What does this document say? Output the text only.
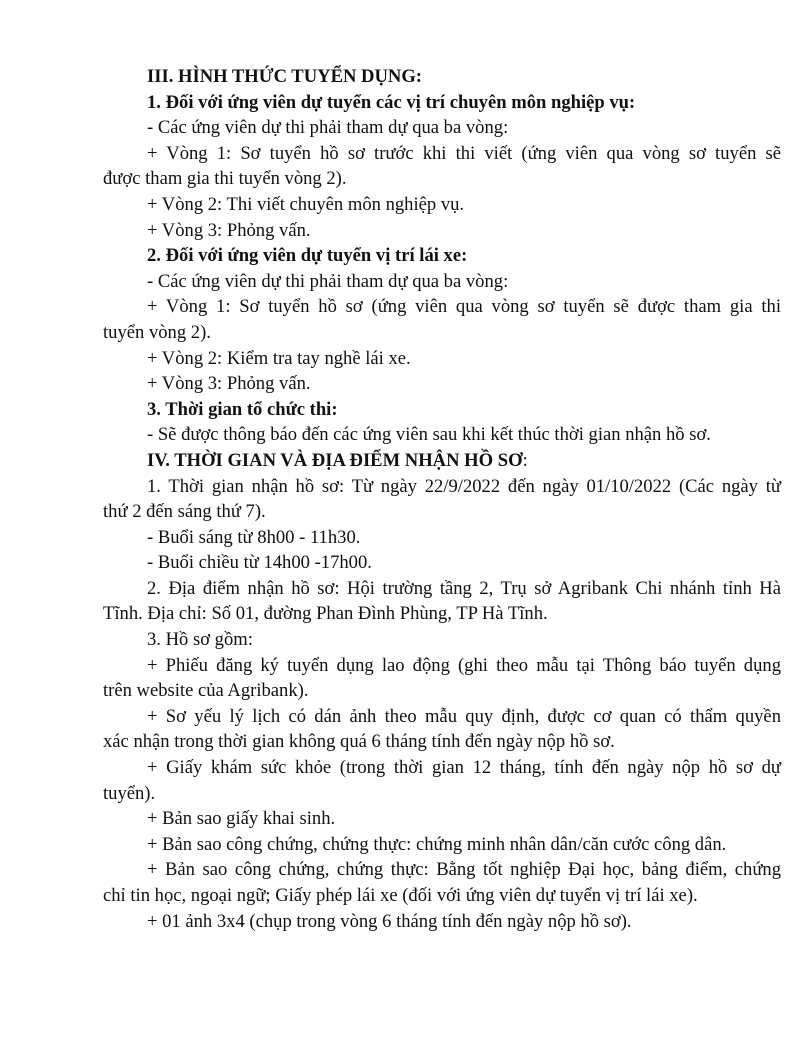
III. HÌNH THỨC TUYỂN DỤNG:

1. Đối với ứng viên dự tuyển các vị trí chuyên môn nghiệp vụ:

- Các ứng viên dự thi phải tham dự qua ba vòng:

+ Vòng 1: Sơ tuyển hồ sơ trước khi thi viết (ứng viên qua vòng sơ tuyển sẽ
được tham gia thi tuyển vòng 2).

+ Vòng 2: Thi viết chuyên môn nghiệp vụ.

+ Vòng 3: Phỏng vấn.

2. Đối với ứng viên dự tuyển vị trí lái xe:

- Các ứng viên dự thi phải tham dự qua ba vòng:

+ Vòng 1: Sơ tuyển hồ sơ (ứng viên qua vòng sơ tuyển sẽ được tham gia thi
tuyển vòng 2).

+ Vòng 2: Kiểm tra tay nghề lái xe.

+ Vòng 3: Phỏng vấn.

3. Thời gian tổ chức thi:

- Sẽ được thông báo đến các ứng viên sau khi kết thúc thời gian nhận hồ sơ.

IV. THỜI GIAN VÀ ĐỊA ĐIỂM NHẬN HỒ SƠ:

1. Thời gian nhận hồ sơ: Từ ngày 22/9/2022 đến ngày 01/10/2022 (Các ngày từ
thứ 2 đến sáng thứ 7).

- Buổi sáng từ 8h00 - 11h30.

- Buổi chiều từ 14h00 -17h00.

2. Địa điểm nhận hồ sơ: Hội trường tầng 2, Trụ sở Agribank Chi nhánh tỉnh Hà
Tĩnh. Địa chỉ: Số 01, đường Phan Đình Phùng, TP Hà Tĩnh.

3. Hồ sơ gồm:

+ Phiếu đăng ký tuyển dụng lao động (ghi theo mẫu tại Thông báo tuyển dụng
trên website của Agribank).
+ Sơ yếu lý lịch có dán ảnh theo mẫu quy định, được cơ quan có thẩm quyền
xác nhận trong thời gian không quá 6 tháng tính đến ngày nộp hồ sơ.
+ Giấy khám sức khỏe (trong thời gian 12 tháng, tính đến ngày nộp hồ sơ dự
tuyển).

+ Bản sao giấy khai sinh.

+ Bản sao công chứng, chứng thực: chứng minh nhân dân/căn cước công dân.

+ Bản sao công chứng, chứng thực: Bằng tốt nghiệp Đại học, bảng điểm, chứng
chỉ tin học, ngoại ngữ; Giấy phép lái xe (đối với ứng viên dự tuyển vị trí lái xe).

+ 01 ảnh 3x4 (chụp trong vòng 6 tháng tính đến ngày nộp hồ sơ).
